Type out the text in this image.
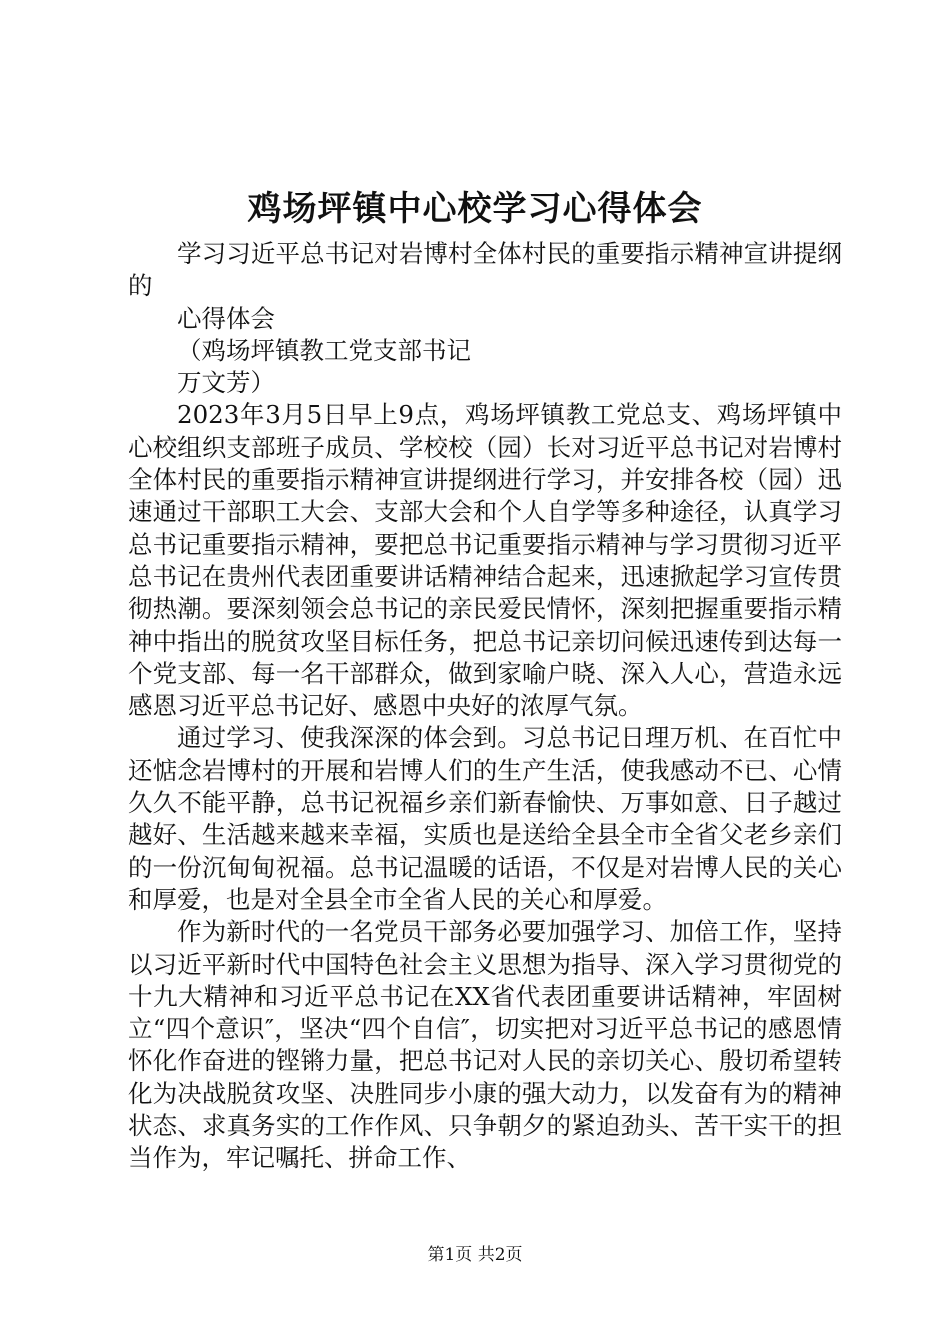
鸡场坪镇中心校学习心得体会

学习习近平总书记对岩博村全体村民的重要指示精神宣讲提纲的

心得体会

（鸡场坪镇教工党支部书记

万文芳）

2023年3月5日早上9点，鸡场坪镇教工党总支、鸡场坪镇中心校组织支部班子成员、学校校（园）长对习近平总书记对岩博村全体村民的重要指示精神宣讲提纲进行学习，并安排各校（园）迅速通过干部职工大会、支部大会和个人自学等多种途径，认真学习总书记重要指示精神，要把总书记重要指示精神与学习贯彻习近平总书记在贵州代表团重要讲话精神结合起来，迅速掀起学习宣传贯彻热潮。要深刻领会总书记的亲民爱民情怀，深刻把握重要指示精神中指出的脱贫攻坚目标任务，把总书记亲切问候迅速传到达每一个党支部、每一名干部群众，做到家喻户晓、深入人心，营造永远感恩习近平总书记好、感恩中央好的浓厚气氛。

通过学习、使我深深的体会到。习总书记日理万机、在百忙中还惦念岩博村的开展和岩博人们的生产生活，使我感动不已、心情久久不能平静，总书记祝福乡亲们新春愉快、万事如意、日子越过越好、生活越来越来幸福，实质也是送给全县全市全省父老乡亲们的一份沉甸甸祝福。总书记温暖的话语，不仅是对岩博人民的关心和厚爱，也是对全县全市全省人民的关心和厚爱。

作为新时代的一名党员干部务必要加强学习、加倍工作，坚持以习近平新时代中国特色社会主义思想为指导、深入学习贯彻党的十九大精神和习近平总书记在XX省代表团重要讲话精神，牢固树立“四个意识″，坚决“四个自信″，切实把对习近平总书记的感恩情怀化作奋进的铿锵力量，把总书记对人民的亲切关心、殷切希望转化为决战脱贫攻坚、决胜同步小康的强大动力，以发奋有为的精神状态、求真务实的工作作风、只争朝夕的紧迫劲头、苦干实干的担当作为，牢记嘱托、拼命工作、

第1页 共2页
